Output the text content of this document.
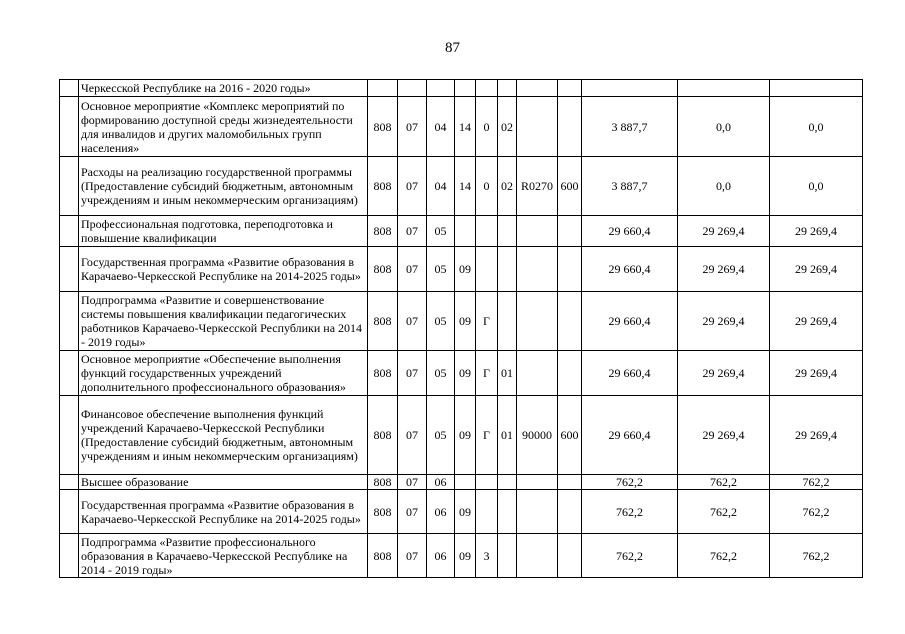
87
	Черкесской Республике на 2016 - 2020 годы»											
	Основное мероприятие «Комплекс мероприятий по формированию доступной среды жизнедеятельности для инвалидов и других маломобильных групп населения»	808	07	04	14	0	02			3 887,7	0,0	0,0
	Расходы на реализацию государственной программы (Предоставление субсидий бюджетным, автономным учреждениям и иным некоммерческим организациям)	808	07	04	14	0	02	R0270	600	3 887,7	0,0	0,0
	Профессиональная подготовка, переподготовка и повышение квалификации	808	07	05						29 660,4	29 269,4	29 269,4
	Государственная программа «Развитие образования в Карачаево-Черкесской Республике на 2014-2025 годы»	808	07	05	09					29 660,4	29 269,4	29 269,4
	Подпрограмма «Развитие и совершенствование системы повышения квалификации педагогических работников Карачаево-Черкесской Республики на 2014 - 2019 годы»	808	07	05	09	Г				29 660,4	29 269,4	29 269,4
	Основное мероприятие «Обеспечение выполнения функций государственных учреждений дополнительного профессионального образования»	808	07	05	09	Г	01			29 660,4	29 269,4	29 269,4
	Финансовое обеспечение выполнения функций учреждений Карачаево-Черкесской Республики (Предоставление субсидий бюджетным, автономным учреждениям и иным некоммерческим организациям)	808	07	05	09	Г	01	90000	600	29 660,4	29 269,4	29 269,4
	Высшее образование	808	07	06						762,2	762,2	762,2
	Государственная программа «Развитие образования в Карачаево-Черкесской Республике на 2014-2025 годы»	808	07	06	09					762,2	762,2	762,2
	Подпрограмма «Развитие профессионального образования в Карачаево-Черкесской Республике на 2014 - 2019 годы»	808	07	06	09	3				762,2	762,2	762,2
